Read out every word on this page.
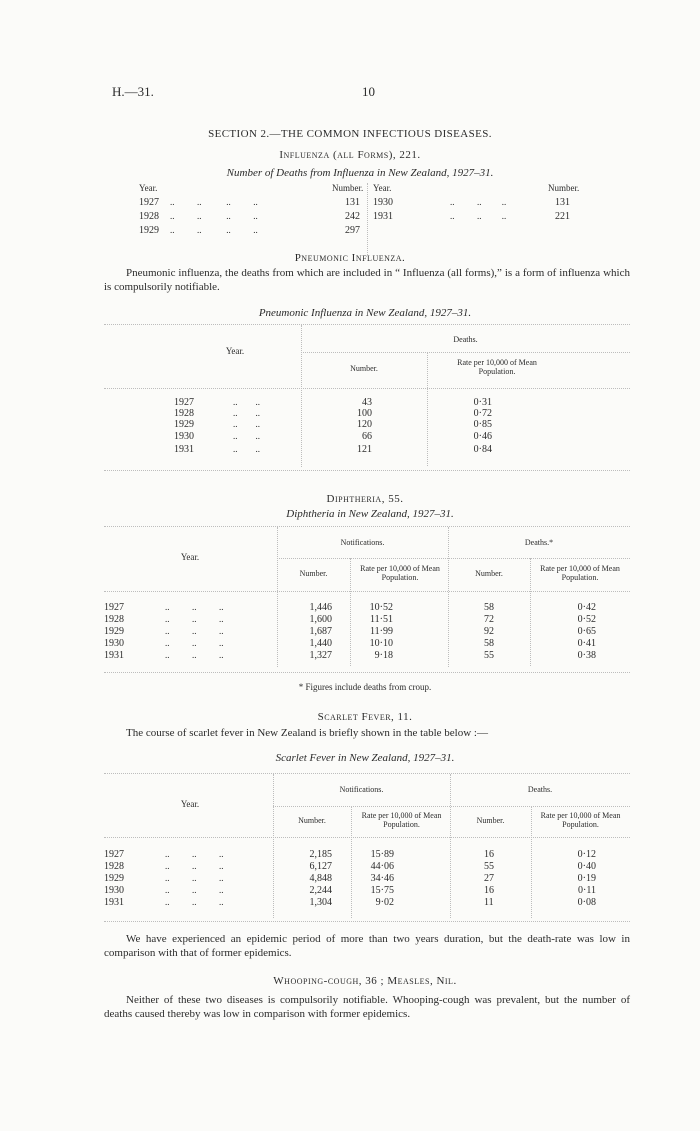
H.—31.	10
SECTION 2.—THE COMMON INFECTIOUS DISEASES.
Influenza (all Forms), 221.
Number of Deaths from Influenza in New Zealand, 1927–31.
Year.	Number. Year.	Number.
1927 ..          ..           ..          ..	131
1928 ..          ..           ..          ..	242
1929 ..          ..           ..          ..	297
1930	..          ..         ..	131
1931	..          ..         ..	221
Pneumonic Influenza.

Pneumonic influenza, the deaths from which are included in “ Influenza (all forms),” is a form of influenza which is compulsorily notifiable.

Pneumonic Influenza in New Zealand, 1927–31.
Year.
Deaths.
Number.
Rate per 10,000 of Mean Population.
1927	..        ..	43	0·31
1928	..        ..	100	0·72
1929	..        ..	120	0·85
1930	..        ..	66	0·46
1931	..        ..	121	0·84
Diphtheria, 55.
Diphtheria in New Zealand, 1927–31.
Year.
Notifications.	Deaths.*
Number.
Rate per 10,000 of Mean Population.	Number.
Rate per 10,000 of Mean Population.
1927	..          ..          ..	1,446	10·52	58	0·42
1928	..          ..          ..	1,600	11·51	72	0·52
1929	..          ..          ..	1,687	11·99	92	0·65
1930	..          ..          ..	1,440	10·10	58	0·41
1931	..          ..          ..	1,327	9·18	55	0·38
* Figures include deaths from croup.
Scarlet Fever, 11.
The course of scarlet fever in New Zealand is briefly shown in the table below :—
Scarlet Fever in New Zealand, 1927–31.
Year.
Notifications.	Deaths.
Number.
Rate per 10,000 of Mean Population.	Number.
Rate per 10,000 of Mean Population.
1927	..          ..          ..	2,185	15·89	16	0·12
1928	..          ..          ..	6,127	44·06	55	0·40
1929	..          ..          ..	4,848	34·46	27	0·19
1930	..          ..          ..	2,244	15·75	16	0·11
1931	..          ..          ..	1,304	9·02	11	0·08

We have experienced an epidemic period of more than two years duration, but the death-rate was low in comparison with that of former epidemics.

Whooping-cough, 36 ; Measles, Nil.

Neither of these two diseases is compulsorily notifiable. Whooping-cough was prevalent, but the number of deaths caused thereby was low in comparison with former epidemics.
